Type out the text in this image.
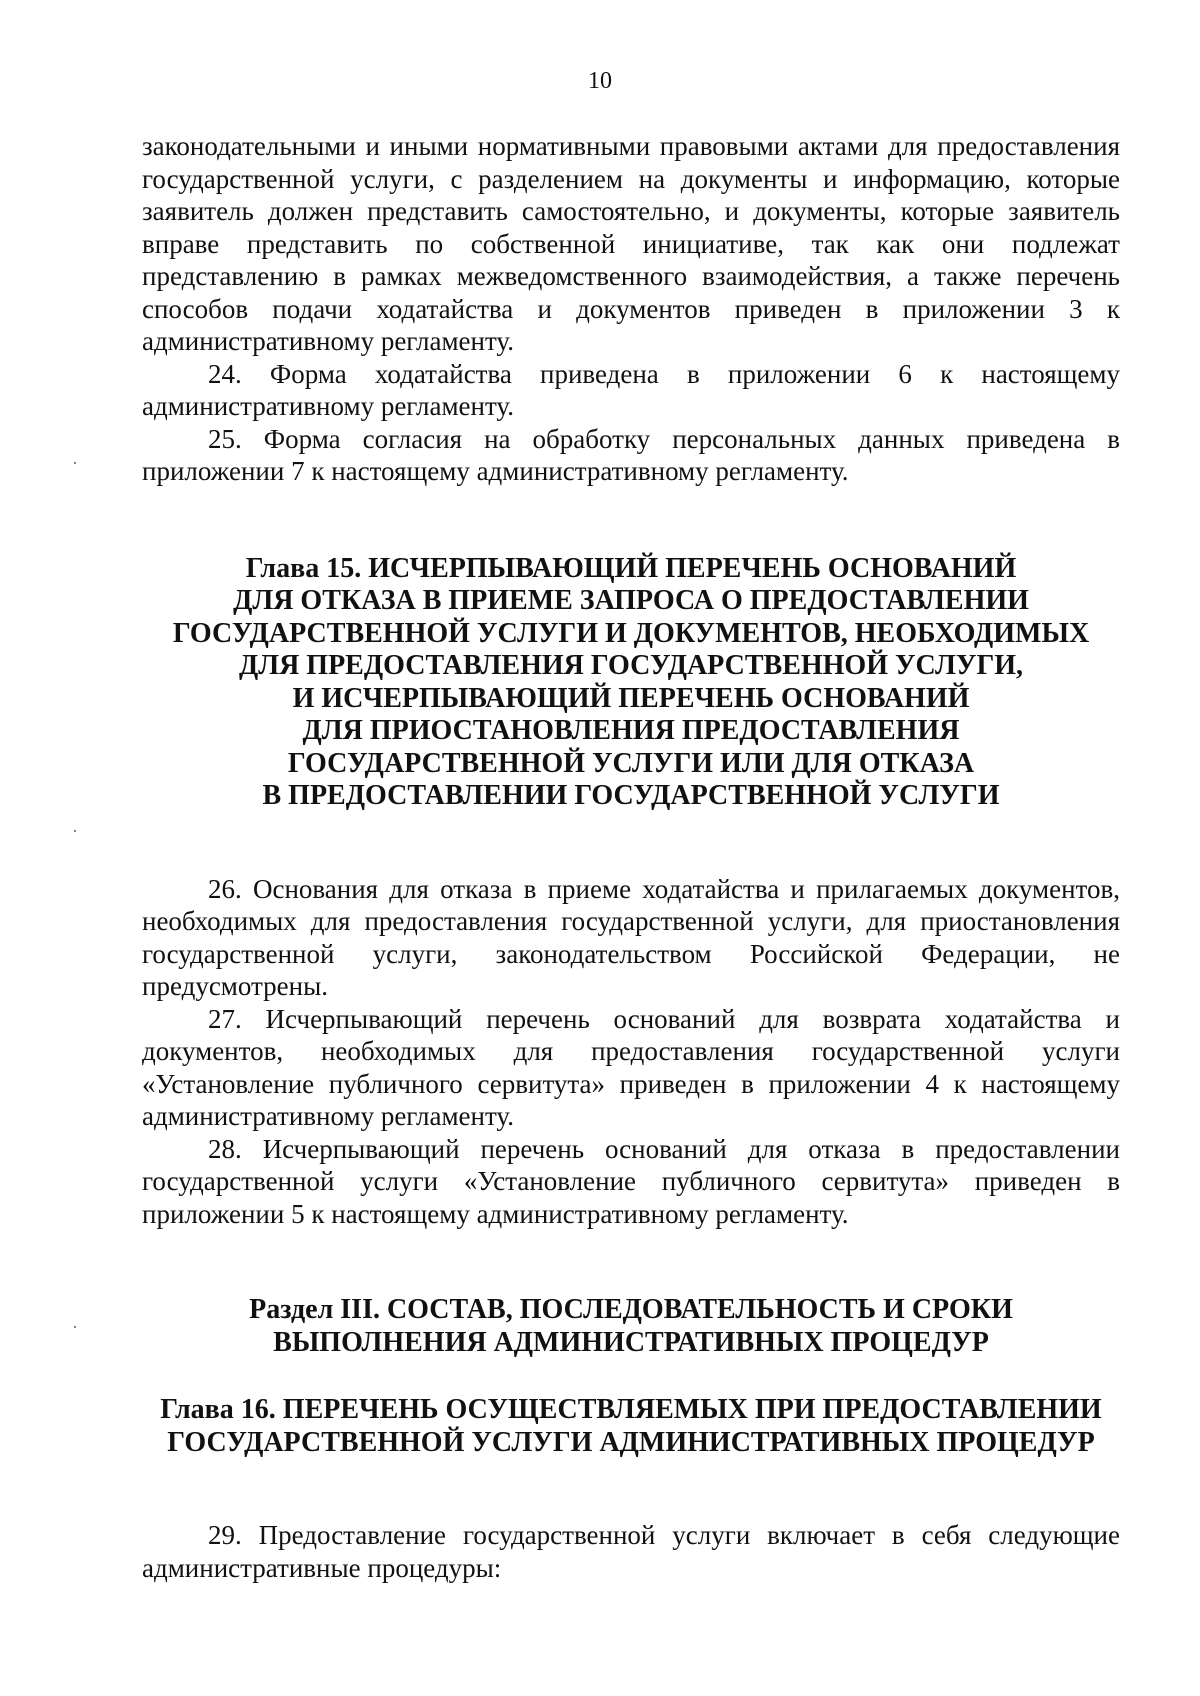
10

законодательными и иными нормативными правовыми актами для предоставления государственной услуги, с разделением на документы и информацию, которые заявитель должен представить самостоятельно, и документы, которые заявитель вправе представить по собственной инициативе, так как они подлежат представлению в рамках межведомственного взаимодействия, а также перечень способов подачи ходатайства и документов приведен в приложении 3 к административному регламенту.

24. Форма ходатайства приведена в приложении 6 к настоящему административному регламенту.

25. Форма согласия на обработку персональных данных приведена в приложении 7 к настоящему административному регламенту.

Глава 15. ИСЧЕРПЫВАЮЩИЙ ПЕРЕЧЕНЬ ОСНОВАНИЙ
ДЛЯ ОТКАЗА В ПРИЕМЕ ЗАПРОСА О ПРЕДОСТАВЛЕНИИ
ГОСУДАРСТВЕННОЙ УСЛУГИ И ДОКУМЕНТОВ, НЕОБХОДИМЫХ
ДЛЯ ПРЕДОСТАВЛЕНИЯ ГОСУДАРСТВЕННОЙ УСЛУГИ,
И ИСЧЕРПЫВАЮЩИЙ ПЕРЕЧЕНЬ ОСНОВАНИЙ
ДЛЯ ПРИОСТАНОВЛЕНИЯ ПРЕДОСТАВЛЕНИЯ
ГОСУДАРСТВЕННОЙ УСЛУГИ ИЛИ ДЛЯ ОТКАЗА
В ПРЕДОСТАВЛЕНИИ ГОСУДАРСТВЕННОЙ УСЛУГИ

26. Основания для отказа в приеме ходатайства и прилагаемых документов, необходимых для предоставления государственной услуги, для приостановления государственной услуги, законодательством Российской Федерации, не предусмотрены.

27. Исчерпывающий перечень оснований для возврата ходатайства и документов, необходимых для предоставления государственной услуги «Установление публичного сервитута» приведен в приложении 4 к настоящему административному регламенту.

28. Исчерпывающий перечень оснований для отказа в предоставлении государственной услуги «Установление публичного сервитута» приведен в приложении 5 к настоящему административному регламенту.

Раздел III. СОСТАВ, ПОСЛЕДОВАТЕЛЬНОСТЬ И СРОКИ
ВЫПОЛНЕНИЯ АДМИНИСТРАТИВНЫХ ПРОЦЕДУР
Глава 16. ПЕРЕЧЕНЬ ОСУЩЕСТВЛЯЕМЫХ ПРИ ПРЕДОСТАВЛЕНИИ
ГОСУДАРСТВЕННОЙ УСЛУГИ АДМИНИСТРАТИВНЫХ ПРОЦЕДУР

29. Предоставление государственной услуги включает в себя следующие административные процедуры:
